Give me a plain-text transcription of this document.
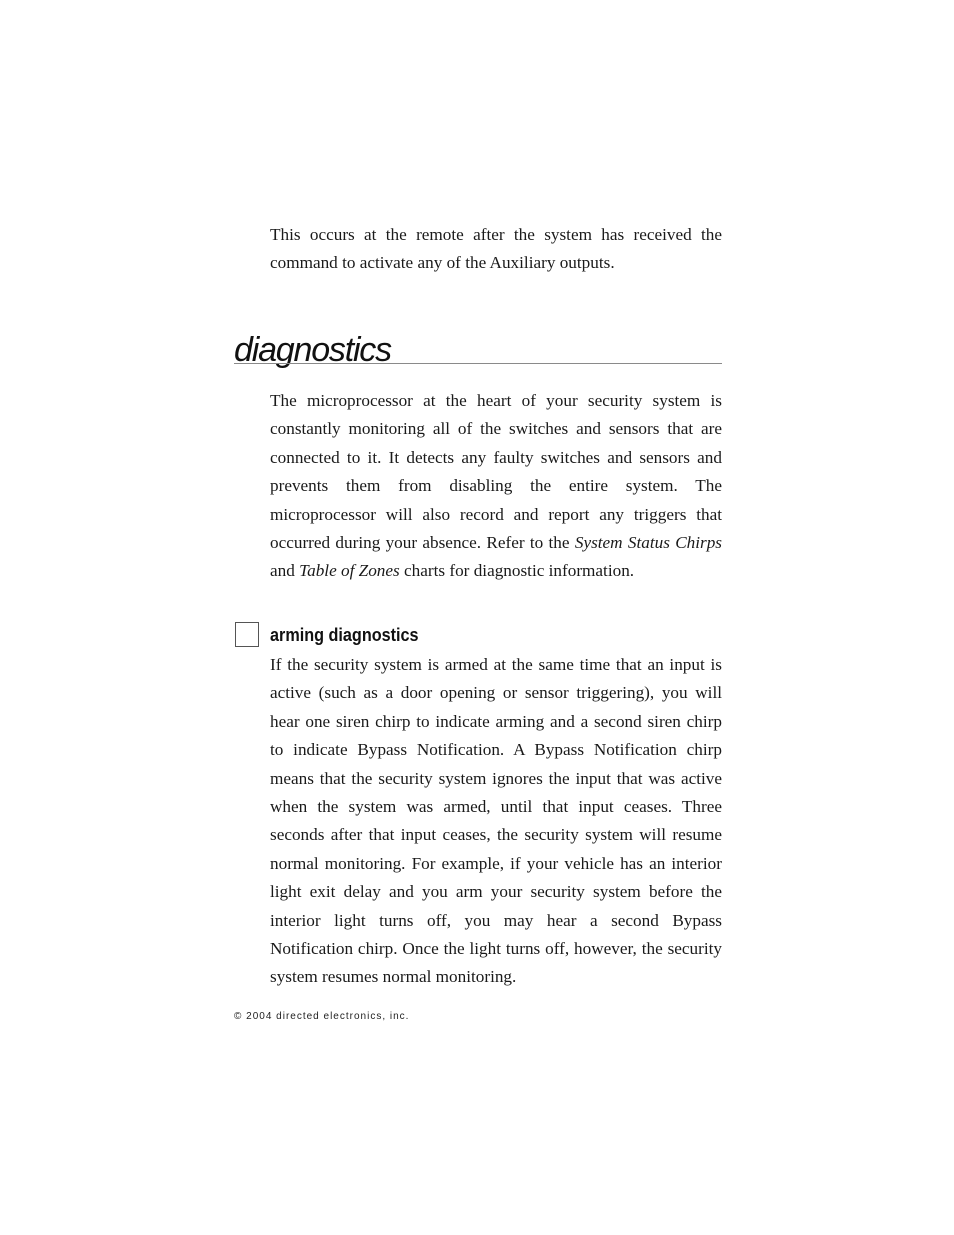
This occurs at the remote after the system has received the command to activate any of the Auxiliary outputs.

diagnostics

The microprocessor at the heart of your security system is constantly monitoring all of the switches and sensors that are connected to it. It detects any faulty switches and sensors and prevents them from disabling the entire system. The microprocessor will also record and report any triggers that occurred during your absence. Refer to the System Status Chirps and Table of Zones charts for diagnostic information.

arming diagnostics

If the security system is armed at the same time that an input is active (such as a door opening or sensor triggering), you will hear one siren chirp to indicate arming and a second siren chirp to indicate Bypass Notification. A Bypass Notification chirp means that the security system ignores the input that was active when the system was armed, until that input ceases. Three seconds after that input ceases, the security system will resume normal monitoring. For example, if your vehicle has an interior light exit delay and you arm your security system before the interior light turns off, you may hear a second Bypass Notification chirp. Once the light turns off, however, the security system resumes normal monitoring.

© 2004 directed electronics, inc.
